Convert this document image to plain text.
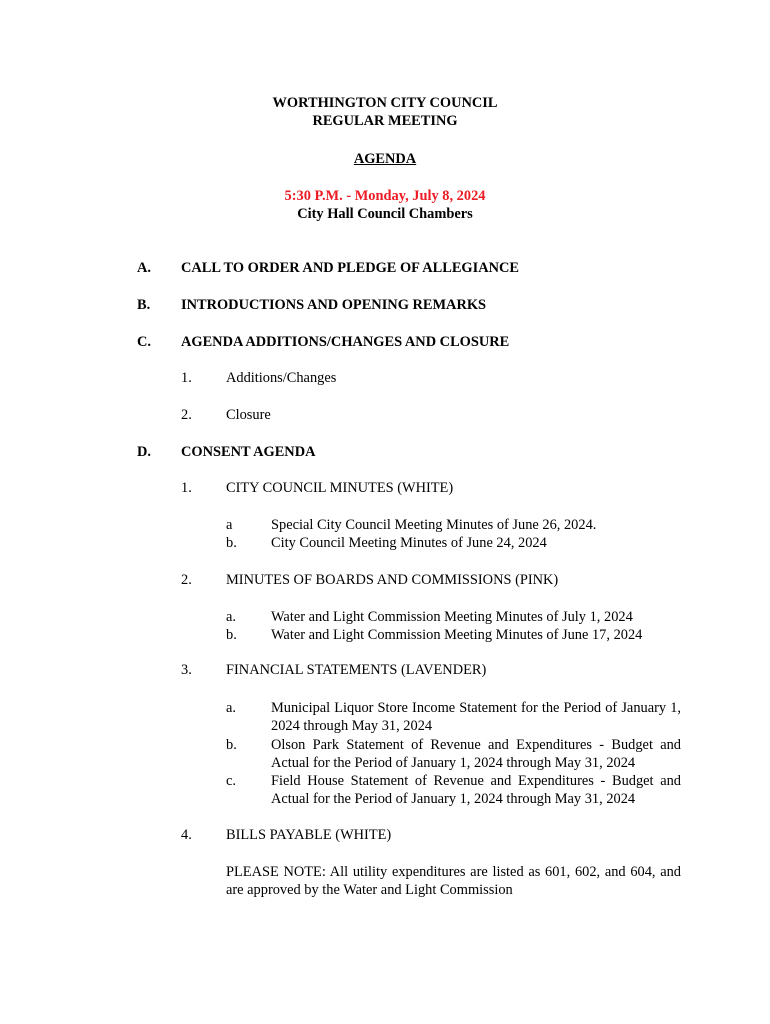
WORTHINGTON CITY COUNCIL
REGULAR MEETING
AGENDA
5:30 P.M. - Monday, July 8, 2024
City Hall Council Chambers
A. CALL TO ORDER AND PLEDGE OF ALLEGIANCE
B. INTRODUCTIONS AND OPENING REMARKS
C. AGENDA ADDITIONS/CHANGES AND CLOSURE
1. Additions/Changes
2. Closure
D. CONSENT AGENDA
1. CITY COUNCIL MINUTES (WHITE)
a	Special City Council Meeting Minutes of June 26, 2024.
b. City Council Meeting Minutes of June 24, 2024
2. MINUTES OF BOARDS AND COMMISSIONS (PINK)
a. Water and Light Commission Meeting Minutes of July 1, 2024
b. Water and Light Commission Meeting Minutes of June 17, 2024
3. FINANCIAL STATEMENTS (LAVENDER)
a. Municipal Liquor Store Income Statement for the Period of January 1, 2024 through May 31, 2024
b. Olson Park Statement of Revenue and Expenditures - Budget and Actual for the Period of January 1, 2024 through May 31, 2024
c. Field House Statement of Revenue and Expenditures - Budget and Actual for the Period of January 1, 2024 through May 31, 2024
4. BILLS PAYABLE (WHITE)
PLEASE NOTE: All utility expenditures are listed as 601, 602, and 604, and are approved by the Water and Light Commission
